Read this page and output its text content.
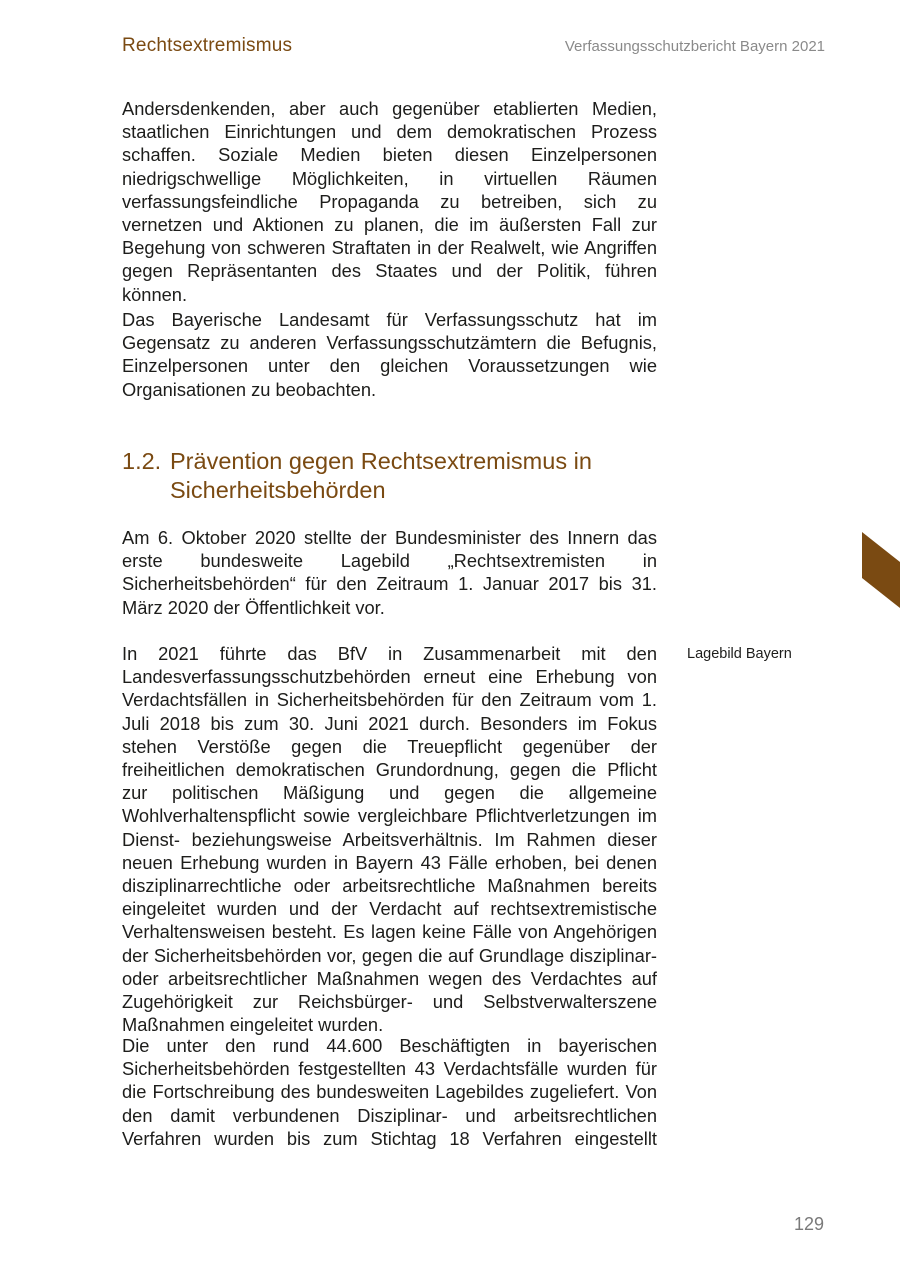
Rechtsextremismus	Verfassungsschutzbericht Bayern 2021

Andersdenkenden, aber auch gegenüber etablierten Medien, staatlichen Einrichtungen und dem demokratischen Prozess schaffen. Soziale Medien bieten diesen Einzelpersonen niedrigschwellige Möglichkeiten, in virtuellen Räumen verfassungsfeindliche Propaganda zu betreiben, sich zu vernetzen und Aktionen zu planen, die im äußersten Fall zur Begehung von schweren Straftaten in der Realwelt, wie Angriffen gegen Repräsentanten des Staates und der Politik, führen können.

Das Bayerische Landesamt für Verfassungsschutz hat im Gegensatz zu anderen Verfassungsschutzämtern die Befugnis, Einzelpersonen unter den gleichen Voraussetzungen wie Organisationen zu beobachten.

1.2. Prävention gegen Rechtsextremismus in Sicherheitsbehörden

Am 6. Oktober 2020 stellte der Bundesminister des Innern das erste bundesweite Lagebild „Rechtsextremisten in Sicherheitsbehörden“ für den Zeitraum 1. Januar 2017 bis 31. März 2020 der Öffentlichkeit vor.

In 2021 führte das BfV in Zusammenarbeit mit den Landesverfassungsschutzbehörden erneut eine Erhebung von Verdachtsfällen in Sicherheitsbehörden für den Zeitraum vom 1. Juli 2018 bis zum 30. Juni 2021 durch. Besonders im Fokus stehen Verstöße gegen die Treuepflicht gegenüber der freiheitlichen demokratischen Grundordnung, gegen die Pflicht zur politischen Mäßigung und gegen die allgemeine Wohlverhaltenspflicht sowie vergleichbare Pflichtverletzungen im Dienst- beziehungsweise Arbeitsverhältnis. Im Rahmen dieser neuen Erhebung wurden in Bayern 43 Fälle erhoben, bei denen disziplinarrechtliche oder arbeitsrechtliche Maßnahmen bereits eingeleitet wurden und der Verdacht auf rechtsextremistische Verhaltensweisen besteht. Es lagen keine Fälle von Angehörigen der Sicherheitsbehörden vor, gegen die auf Grundlage disziplinar- oder arbeitsrechtlicher Maßnahmen wegen des Verdachtes auf Zugehörigkeit zur Reichsbürger- und Selbstverwalterszene Maßnahmen eingeleitet wurden.

Lagebild Bayern

Die unter den rund 44.600 Beschäftigten in bayerischen Sicherheitsbehörden festgestellten 43 Verdachtsfälle wurden für die Fortschreibung des bundesweiten Lagebildes zugeliefert. Von den damit verbundenen Disziplinar- und arbeitsrechtlichen Verfahren wurden bis zum Stichtag 18 Verfahren eingestellt

129
